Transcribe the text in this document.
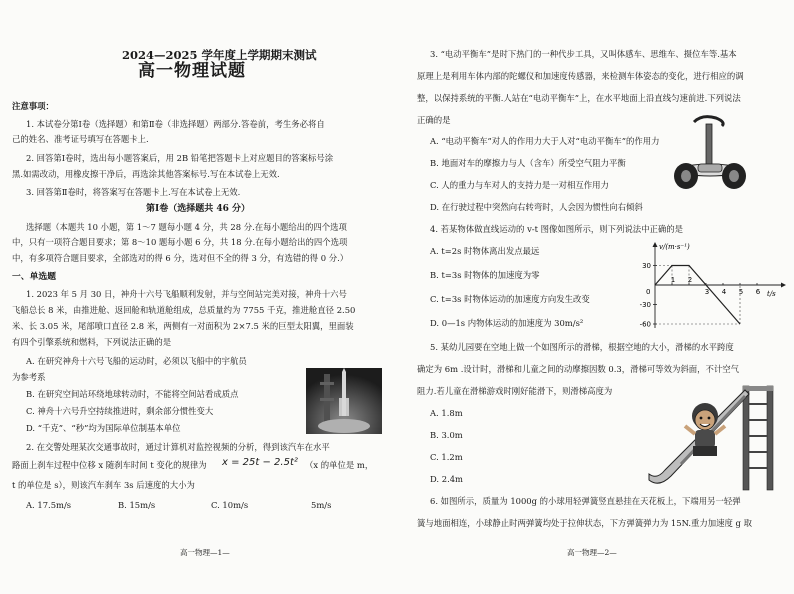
2024—2025 学年度上学期期末测试
高一物理试题
注意事项：
1. 本试卷分第Ⅰ卷（选择题）和第Ⅱ卷（非选择题）两部分.答卷前，考生务必将自
己的姓名、准考证号填写在答题卡上.
2. 回答第Ⅰ卷时，选出每小题答案后，用 2B 铅笔把答题卡上对应题目的答案标号涂
黑.如需改动，用橡皮擦干净后，再选涂其他答案标号.写在本试卷上无效.
3. 回答第Ⅱ卷时，将答案写在答题卡上.写在本试卷上无效.
第Ⅰ卷（选择题共 46 分）
选择题（本题共 10 小题，第 1～7 题每小题 4 分，共 28 分.在每小题给出的四个选项
中，只有一项符合题目要求；第 8～10 题每小题 6 分，共 18 分.在每小题给出的四个选项
中，有多项符合题目要求，全部选对的得 6 分，选对但不全的得 3 分，有选错的得 0 分.）
一、单选题
1. 2023 年 5 月 30 日，神舟十六号飞船顺利发射，并与空间站完美对接，神舟十六号
飞船总长 8 米，由推进舱、返回舱和轨道舱组成，总质量约为 7755 千克，推进舱直径 2.50
米、长 3.05 米，尾部喷口直径 2.8 米，两侧有一对面积为 2×7.5 米的巨型太阳翼，里面装
有四个引擎系统和燃料，下列说法正确的是
A. 在研究神舟十六号飞船的运动时，必须以飞船中的宇航员
为参考系
B. 在研究空间站环绕地球转动时，不能将空间站看成质点
C. 神舟十六号升空持续推进时，剩余部分惯性变大
D. “千克”、“秒”均为国际单位制基本单位
2. 在交警处理某次交通事故时，通过计算机对监控视频的分析，得到该汽车在水平
路面上刹车过程中位移 x 随刹车时间 t 变化的规律为 x = 25t − 2.5t² （x 的单位是 m，
t 的单位是 s），则该汽车刹车 3s 后速度的大小为
A. 17.5m/s	B. 15m/s	C. 10m/s	5m/s
高一物理—1—
3. “电动平衡车”是时下热门的一种代步工具，又叫体感车、思维车、摄位车等.基本
原理上是利用车体内部的陀螺仪和加速度传感器，来检测车体姿态的变化，进行相应的调
整，以保持系统的平衡.人站在“电动平衡车”上，在水平地面上沿直线匀速前进.下列说法
正确的是
A. “电动平衡车”对人的作用力大于人对“电动平衡车”的作用力
B. 地面对车的摩擦力与人（含车）所受空气阻力平衡
C. 人的重力与车对人的支持力是一对相互作用力
D. 在行驶过程中突然向右转弯时，人会因为惯性向右倾斜
4. 若某物体做直线运动的 v-t 图像如图所示，则下列说法中正确的是
A. t=2s 时物体离出发点最远
B. t=3s 时物体的加速度为零
C. t=3s 时物体运动的加速度方向发生改变
D. 0—1s 内物体运动的加速度为 30m/s²
v/(m·s⁻¹)
t/s
0
30
-30
-60
1 2
3 4 5 6
5. 某幼儿园要在空地上做一个如图所示的滑梯，根据空地的大小，滑梯的水平跨度
确定为 6m .设计时，滑梯和儿童之间的动摩擦因数 0.3，滑梯可等效为斜面，不计空气
阻力.若儿童在滑梯游戏时刚好能滑下，则滑梯高度为
A. 1.8m
B. 3.0m
C. 1.2m
D. 2.4m
6. 如图所示，质量为 1000g 的小球用轻弹簧竖直悬挂在天花板上，下端用另一轻弹
簧与地面相连，小球静止时两弹簧均处于拉伸状态，下方弹簧弹力为 15N.重力加速度 g 取
高一物理—2—
